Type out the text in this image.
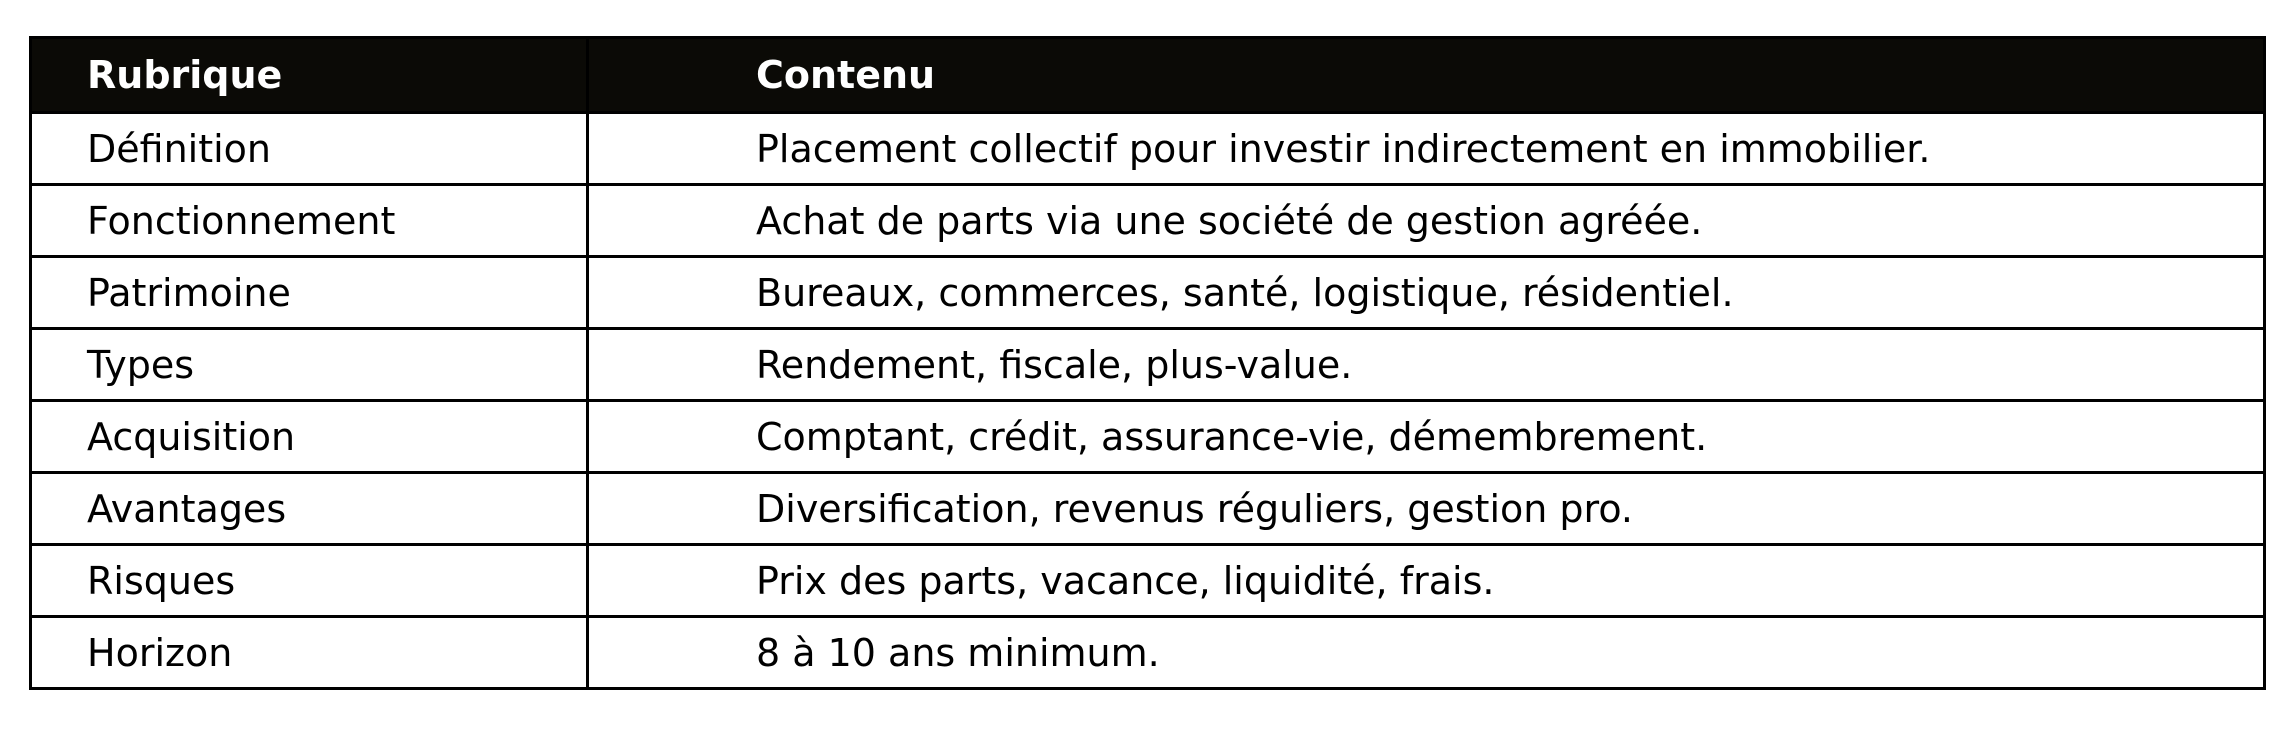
Rubrique	Contenu
Définition	Placement collectif pour investir indirectement en immobilier.
Fonctionnement	Achat de parts via une société de gestion agréée.
Patrimoine	Bureaux, commerces, santé, logistique, résidentiel.
Types	Rendement, fiscale, plus-value.
Acquisition	Comptant, crédit, assurance-vie, démembrement.
Avantages	Diversification, revenus réguliers, gestion pro.
Risques	Prix des parts, vacance, liquidité, frais.
Horizon	8 à 10 ans minimum.
